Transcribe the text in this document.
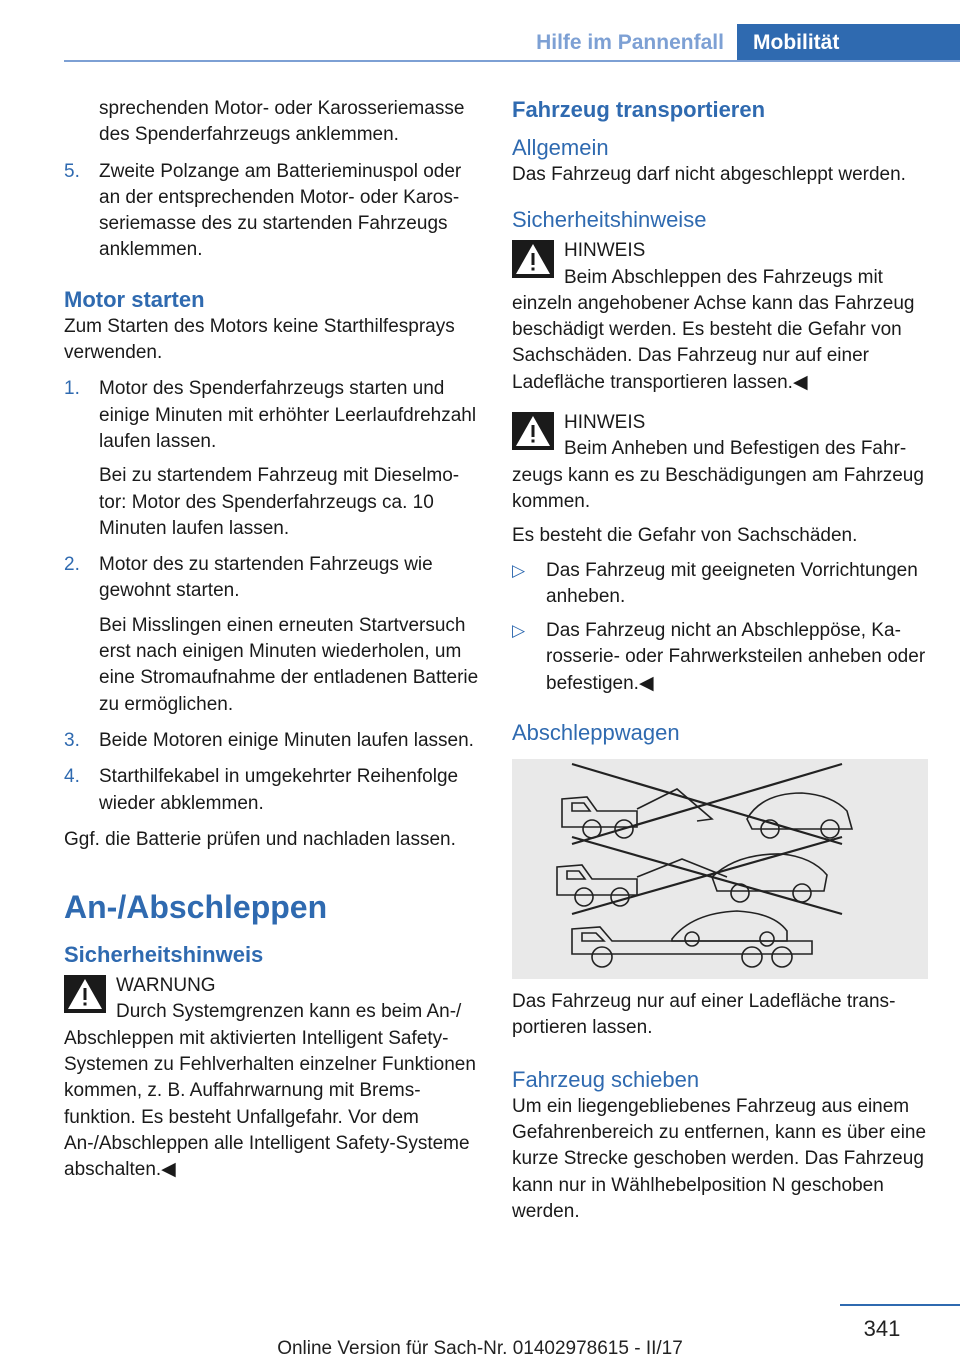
Hilfe im Pannenfall	Mobilität

sprechenden Motor- oder Karosseriemasse des Spenderfahrzeugs anklemmen.

5. Zweite Polzange am Batterieminuspol oder an der entsprechenden Motor- oder Karosseriemasse des zu startenden Fahrzeugs anklemmen.

Motor starten

Zum Starten des Motors keine Starthilfesprays verwenden.

1. Motor des Spenderfahrzeugs starten und einige Minuten mit erhöhter Leerlaufdrehzahl laufen lassen.

Bei zu startendem Fahrzeug mit Dieselmotor: Motor des Spenderfahrzeugs ca. 10 Minuten laufen lassen.

2. Motor des zu startenden Fahrzeugs wie gewohnt starten.

Bei Misslingen einen erneuten Startversuch erst nach einigen Minuten wiederholen, um eine Stromaufnahme der entladenen Batterie zu ermöglichen.

3. Beide Motoren einige Minuten laufen lassen.

4. Starthilfekabel in umgekehrter Reihenfolge wieder abklemmen.

Ggf. die Batterie prüfen und nachladen lassen.

An-/Abschleppen
Sicherheitshinweis

WARNUNG

Durch Systemgrenzen kann es beim An-/ Abschleppen mit aktivierten Intelligent Safety-Systemen zu Fehlverhalten einzelner Funktionen kommen, z. B. Auffahrwarnung mit Bremsfunktion. Es besteht Unfallgefahr. Vor dem An-/Abschleppen alle Intelligent Safety-Systeme abschalten.◀

Fahrzeug transportieren
Allgemein

Das Fahrzeug darf nicht abgeschleppt werden.

Sicherheitshinweise

HINWEIS

Beim Abschleppen des Fahrzeugs mit einzeln angehobener Achse kann das Fahrzeug beschädigt werden. Es besteht die Gefahr von Sachschäden. Das Fahrzeug nur auf einer Ladefläche transportieren lassen.◀

HINWEIS

Beim Anheben und Befestigen des Fahrzeugs kann es zu Beschädigungen am Fahrzeug kommen.

Es besteht die Gefahr von Sachschäden.

▷ Das Fahrzeug mit geeigneten Vorrichtungen anheben.

▷ Das Fahrzeug nicht an Abschleppöse, Karosserie- oder Fahrwerksteilen anheben oder befestigen.◀

Abschleppwagen

Das Fahrzeug nur auf einer Ladefläche transportieren lassen.

Fahrzeug schieben

Um ein liegengebliebenes Fahrzeug aus einem Gefahrenbereich zu entfernen, kann es über eine kurze Strecke geschoben werden. Das Fahrzeug kann nur in Wählhebelposition N geschoben werden.

341
Online Version für Sach-Nr. 01402978615 - II/17
